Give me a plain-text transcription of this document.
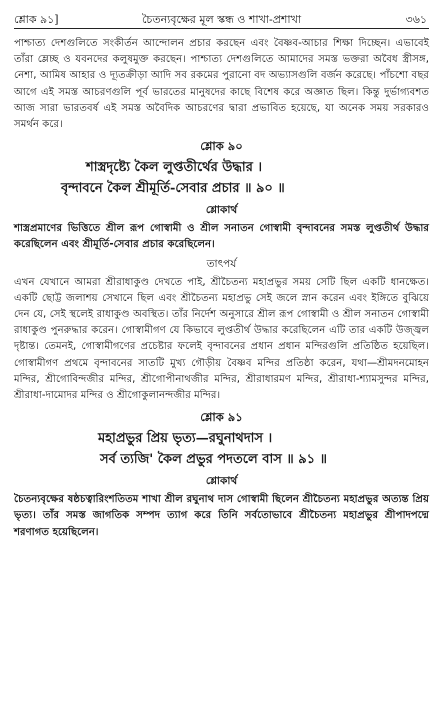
শ্লোক ৯১]	চৈতন্যবৃক্ষের মূল স্কন্ধ ও শাখা-প্রশাখা	৩৬১

পাশ্চাত্য দেশগুলিতে সংকীর্তন আন্দোলন প্রচার করছেন এবং বৈষ্ণব-আচার শিক্ষা দিচ্ছেন। এভাবেই তাঁরা ম্লেচ্ছ ও যবনদের কলুষমুক্ত করছেন। পাশ্চাত্য দেশগুলিতে আমাদের সমস্ত ভক্তরা অবৈধ স্ত্রীসঙ্গ, নেশা, আমিষ আহার ও দ্যূতক্রীড়া আদি সব রকমের পুরানো বদ অভ্যাসগুলি বর্জন করেছে। পাঁচশো বছর আগে এই সমস্ত আচরণগুলি পূর্ব ভারতের মানুষদের কাছে বিশেষ করে অজ্ঞাত ছিল। কিন্তু দুর্ভাগ্যবশত আজ সারা ভারতবর্ষ এই সমস্ত অবৈদিক আচরণের দ্বারা প্রভাবিত হয়েছে, যা অনেক সময় সরকারও সমর্থন করে।

শ্লোক ৯০
শাস্ত্রদৃষ্ট্যে কৈল লুপ্ততীর্থের উদ্ধার ।
বৃন্দাবনে কৈল শ্রীমূর্তি-সেবার প্রচার ॥ ৯০ ॥
শ্লোকার্থ

শাস্ত্রপ্রমাণের ভিত্তিতে শ্রীল রূপ গোস্বামী ও শ্রীল সনাতন গোস্বামী বৃন্দাবনের সমস্ত লুপ্ততীর্থ উদ্ধার করেছিলেন এবং শ্রীমূর্তি-সেবার প্রচার করেছিলেন।

তাৎপর্য

এখন যেখানে আমরা শ্রীরাধাকুণ্ড দেখতে পাই, শ্রীচৈতন্য মহাপ্রভুর সময় সেটি ছিল একটি ধানক্ষেত। একটি ছোট্ট জলাশয় সেখানে ছিল এবং শ্রীচৈতন্য মহাপ্রভু সেই জলে স্নান করেন এবং ইঙ্গিতে বুঝিয়ে দেন যে, সেই স্থলেই রাধাকুণ্ড অবস্থিত। তাঁর নির্দেশ অনুসারে শ্রীল রূপ গোস্বামী ও শ্রীল সনাতন গোস্বামী রাধাকুণ্ড পুনরুদ্ধার করেন। গোস্বামীগণ যে কিভাবে লুপ্ততীর্থ উদ্ধার করেছিলেন এটি তার একটি উজ্জ্বল দৃষ্টান্ত। তেমনই, গোস্বামীগণের প্রচেষ্টার ফলেই বৃন্দাবনের প্রধান প্রধান মন্দিরগুলি প্রতিষ্ঠিত হয়েছিল। গোস্বামীগণ প্রথমে বৃন্দাবনের সাতটি মুখ্য গৌড়ীয় বৈষ্ণব মন্দির প্রতিষ্ঠা করেন, যথা—শ্রীমদনমোহন মন্দির, শ্রীগোবিন্দজীর মন্দির, শ্রীগোপীনাথজীর মন্দির, শ্রীরাধারমণ মন্দির, শ্রীরাধা-শ্যামসুন্দর মন্দির, শ্রীরাধা-দামোদর মন্দির ও শ্রীগোকুলানন্দজীর মন্দির।

শ্লোক ৯১
মহাপ্রভুর প্রিয় ভৃত্য—রঘুনাথদাস ।
সর্ব ত্যজি' কৈল প্রভুর পদতলে বাস ॥ ৯১ ॥
শ্লোকার্থ

চৈতন্যবৃক্ষের ষষ্ঠচত্বারিংশতিতম শাখা শ্রীল রঘুনাথ দাস গোস্বামী ছিলেন শ্রীচৈতন্য মহাপ্রভুর অত্যন্ত প্রিয় ভৃত্য। তাঁর সমস্ত জাগতিক সম্পদ ত্যাগ করে তিনি সর্বতোভাবে শ্রীচৈতন্য মহাপ্রভুর শ্রীপাদপদ্মে শরণাগত হয়েছিলেন।
